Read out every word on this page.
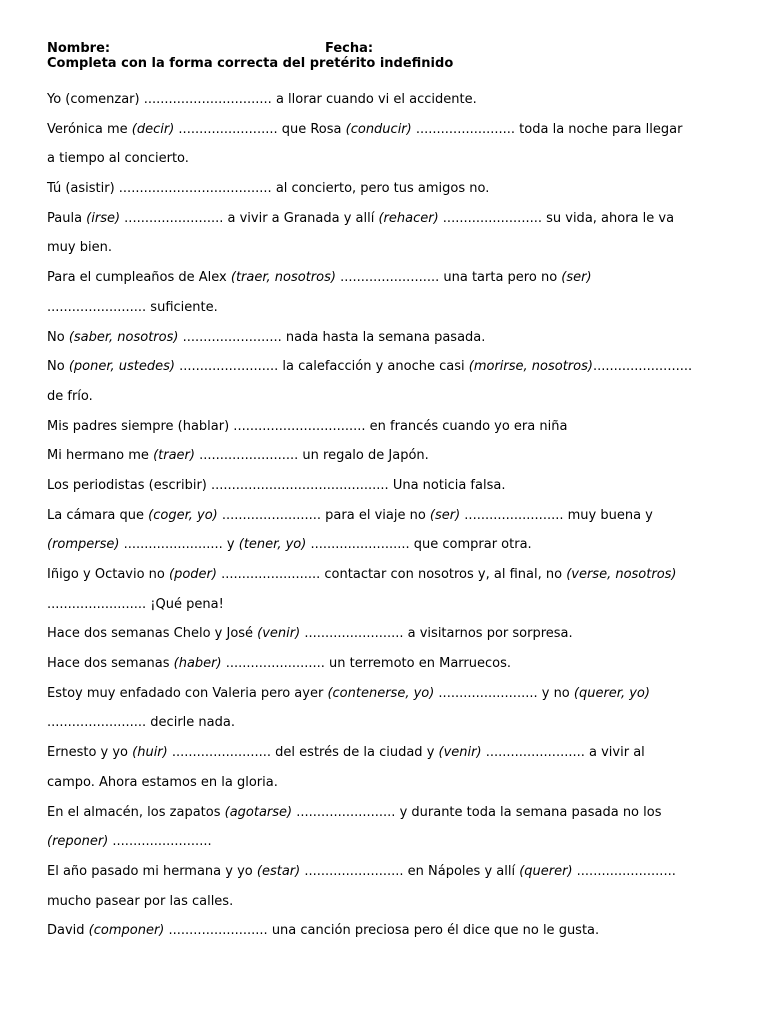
Nombre:	Fecha:
Completa con la forma correcta del pretérito indefinido
Yo (comenzar) ............................... a llorar cuando vi el accidente.
Verónica me (decir) ........................ que Rosa (conducir) ........................ toda la noche para llegar
a tiempo al concierto.
Tú (asistir) ..................................... al concierto, pero tus amigos no.
Paula (irse) ........................ a vivir a Granada y allí (rehacer) ........................ su vida, ahora le va
muy bien.
Para el cumpleaños de Alex (traer, nosotros) ........................ una tarta pero no (ser)
........................ suficiente.
No (saber, nosotros) ........................ nada hasta la semana pasada.
No (poner, ustedes) ........................ la calefacción y anoche casi (morirse, nosotros)........................
de frío.
Mis padres siempre (hablar) ................................ en francés cuando yo era niña
Mi hermano me (traer) ........................ un regalo de Japón.
Los periodistas (escribir) ........................................... Una noticia falsa.
La cámara que (coger, yo) ........................ para el viaje no (ser) ........................ muy buena y
(romperse) ........................ y (tener, yo) ........................ que comprar otra.
Iñigo y Octavio no (poder) ........................ contactar con nosotros y, al final, no (verse, nosotros)
........................ ¡Qué pena!
Hace dos semanas Chelo y José (venir) ........................ a visitarnos por sorpresa.
Hace dos semanas (haber) ........................ un terremoto en Marruecos.
Estoy muy enfadado con Valeria pero ayer (contenerse, yo) ........................ y no (querer, yo)
........................ decirle nada.
Ernesto y yo (huir) ........................ del estrés de la ciudad y (venir) ........................ a vivir al
campo. Ahora estamos en la gloria.
En el almacén, los zapatos (agotarse) ........................ y durante toda la semana pasada no los
(reponer) ........................
El año pasado mi hermana y yo (estar) ........................ en Nápoles y allí (querer) ........................
mucho pasear por las calles.
David (componer) ........................ una canción preciosa pero él dice que no le gusta.
